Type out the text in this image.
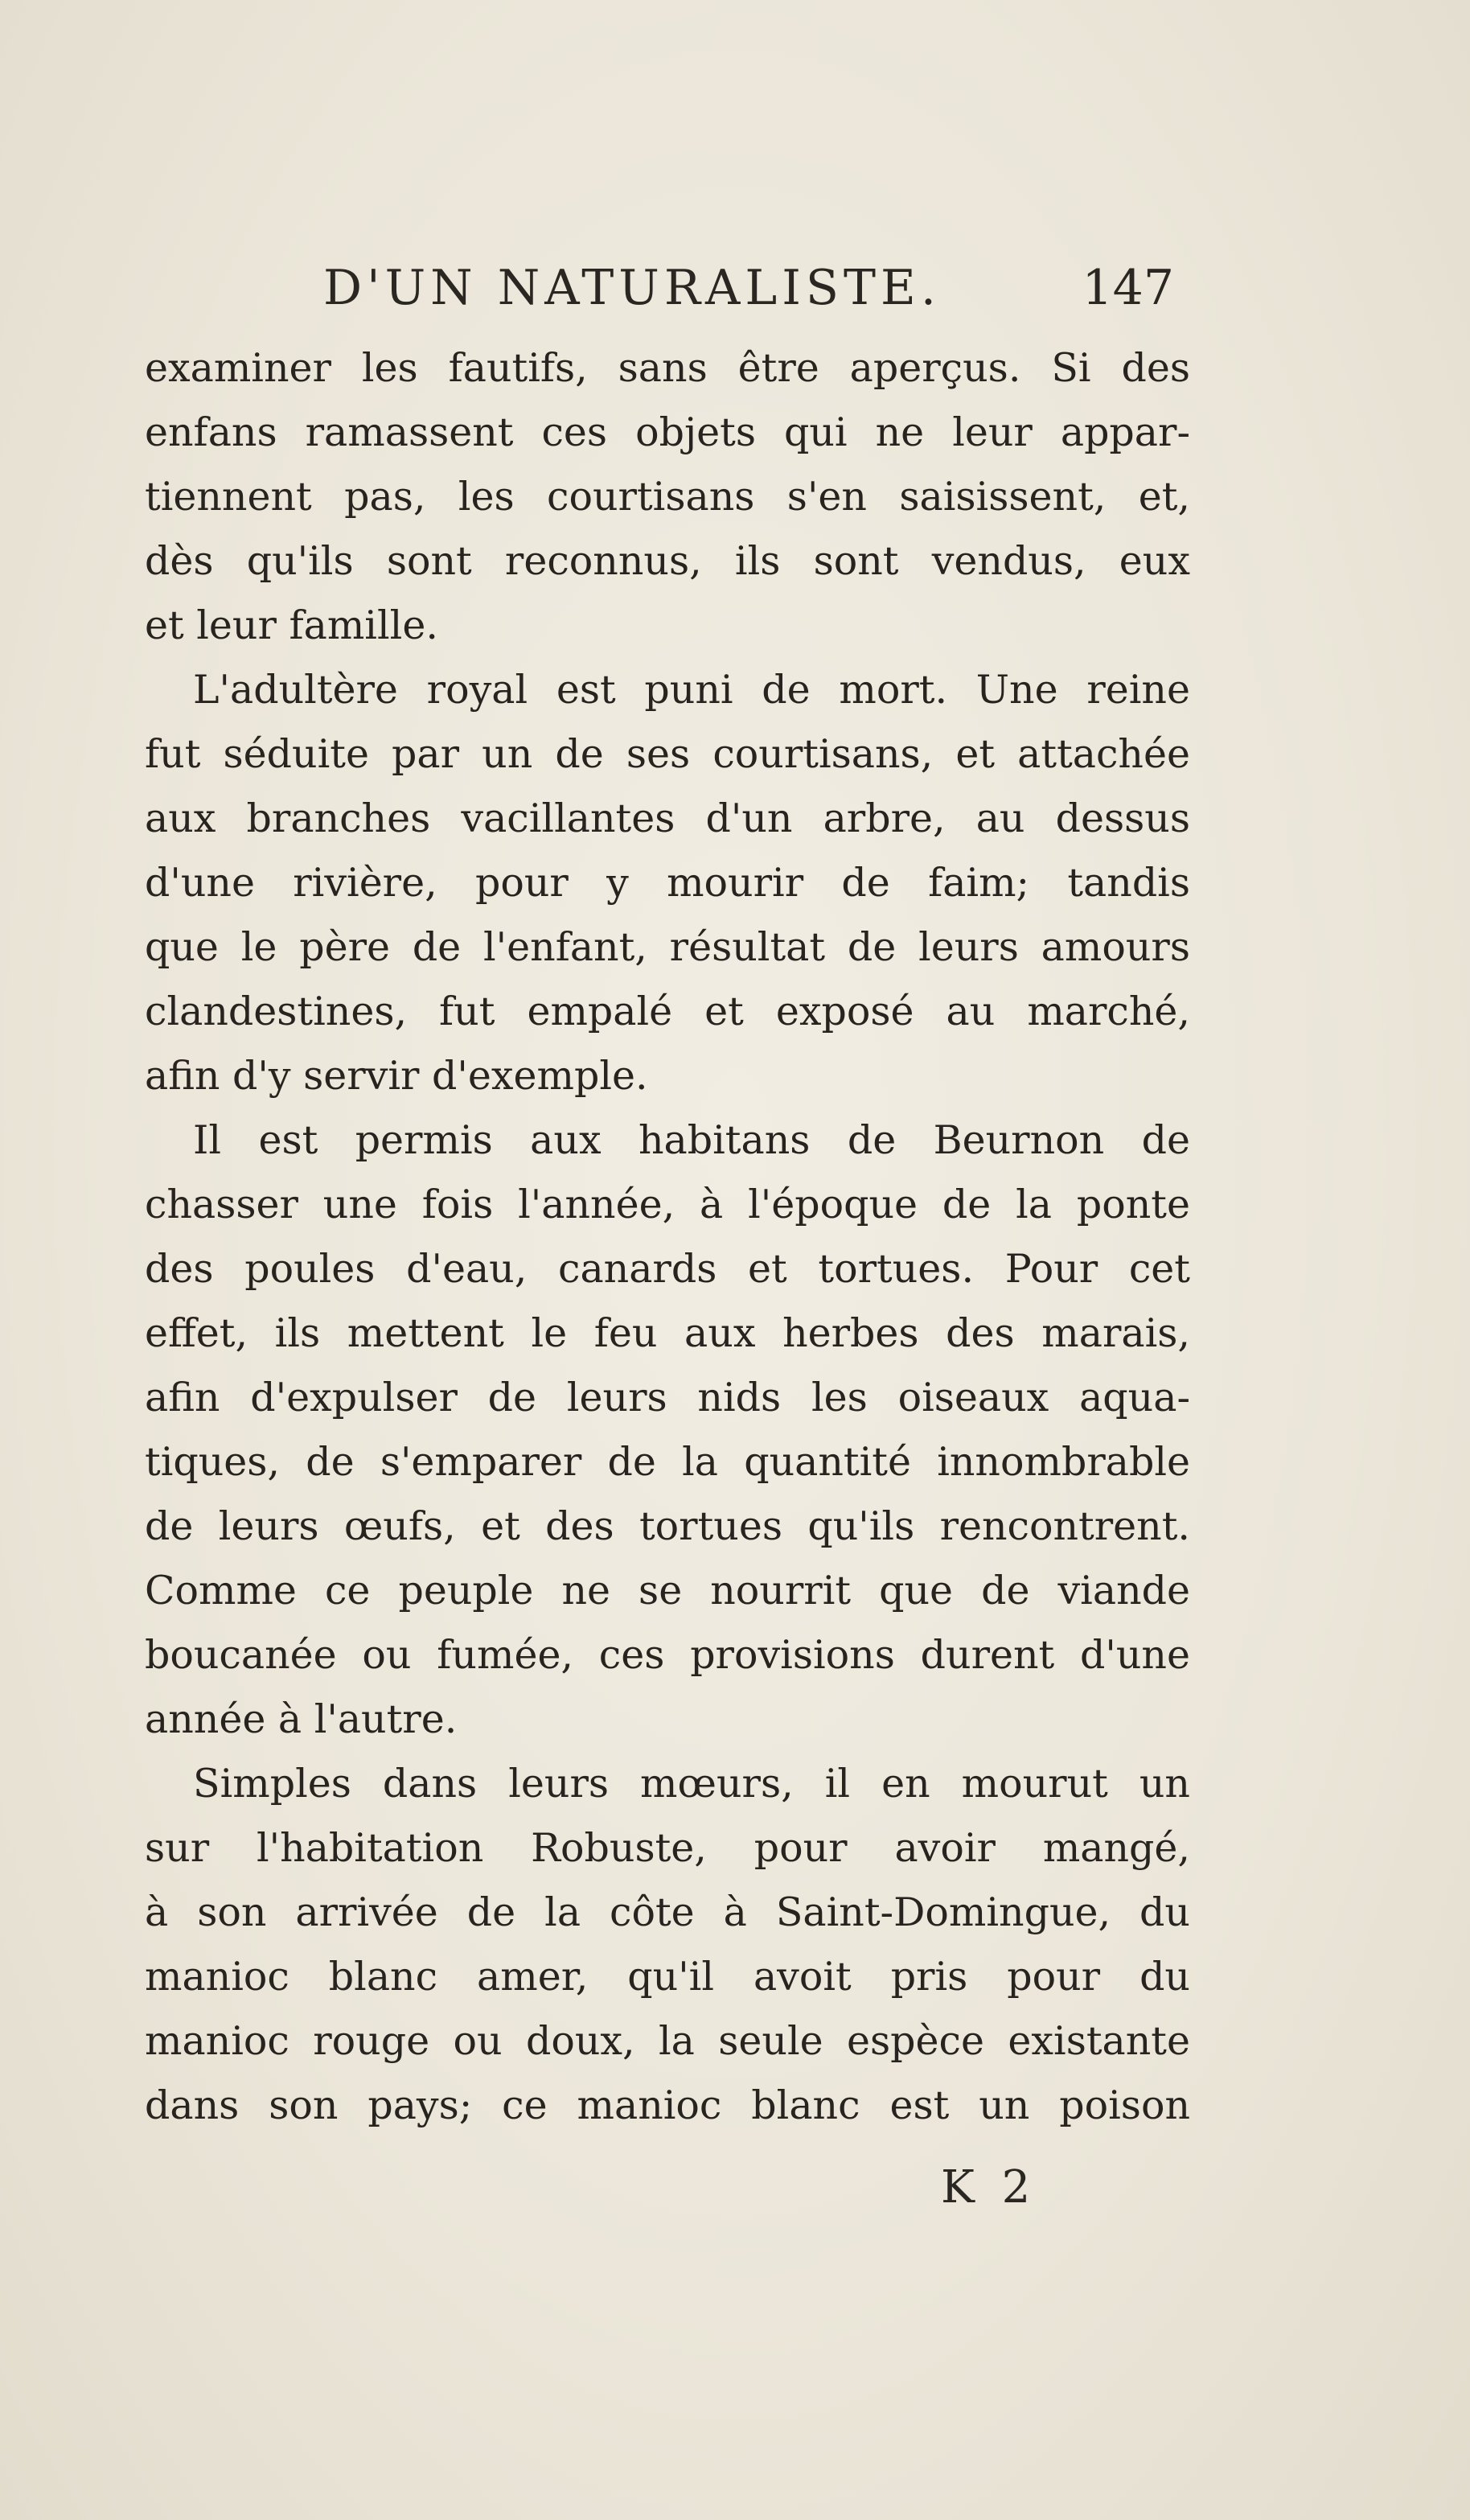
D'UN NATURALISTE.	147

examiner les fautifs, sans être aperçus. Si des
enfans ramassent ces objets qui ne leur appar-
tiennent pas, les courtisans s'en saisissent, et,
dès qu'ils sont reconnus, ils sont vendus, eux
et leur famille.

L'adultère royal est puni de mort. Une reine
fut séduite par un de ses courtisans, et attachée
aux branches vacillantes d'un arbre, au dessus
d'une rivière, pour y mourir de faim; tandis
que le père de l'enfant, résultat de leurs amours
clandestines, fut empalé et exposé au marché,
afin d'y servir d'exemple.

Il est permis aux habitans de Beurnon de
chasser une fois l'année, à l'époque de la ponte
des poules d'eau, canards et tortues. Pour cet
effet, ils mettent le feu aux herbes des marais,
afin d'expulser de leurs nids les oiseaux aqua-
tiques, de s'emparer de la quantité innombrable
de leurs œufs, et des tortues qu'ils rencontrent.
Comme ce peuple ne se nourrit que de viande
boucanée ou fumée, ces provisions durent d'une
année à l'autre.

Simples dans leurs mœurs, il en mourut un
sur l'habitation Robuste, pour avoir mangé,
à son arrivée de la côte à Saint-Domingue, du
manioc blanc amer, qu'il avoit pris pour du
manioc rouge ou doux, la seule espèce existante
dans son pays; ce manioc blanc est un poison

K 2
